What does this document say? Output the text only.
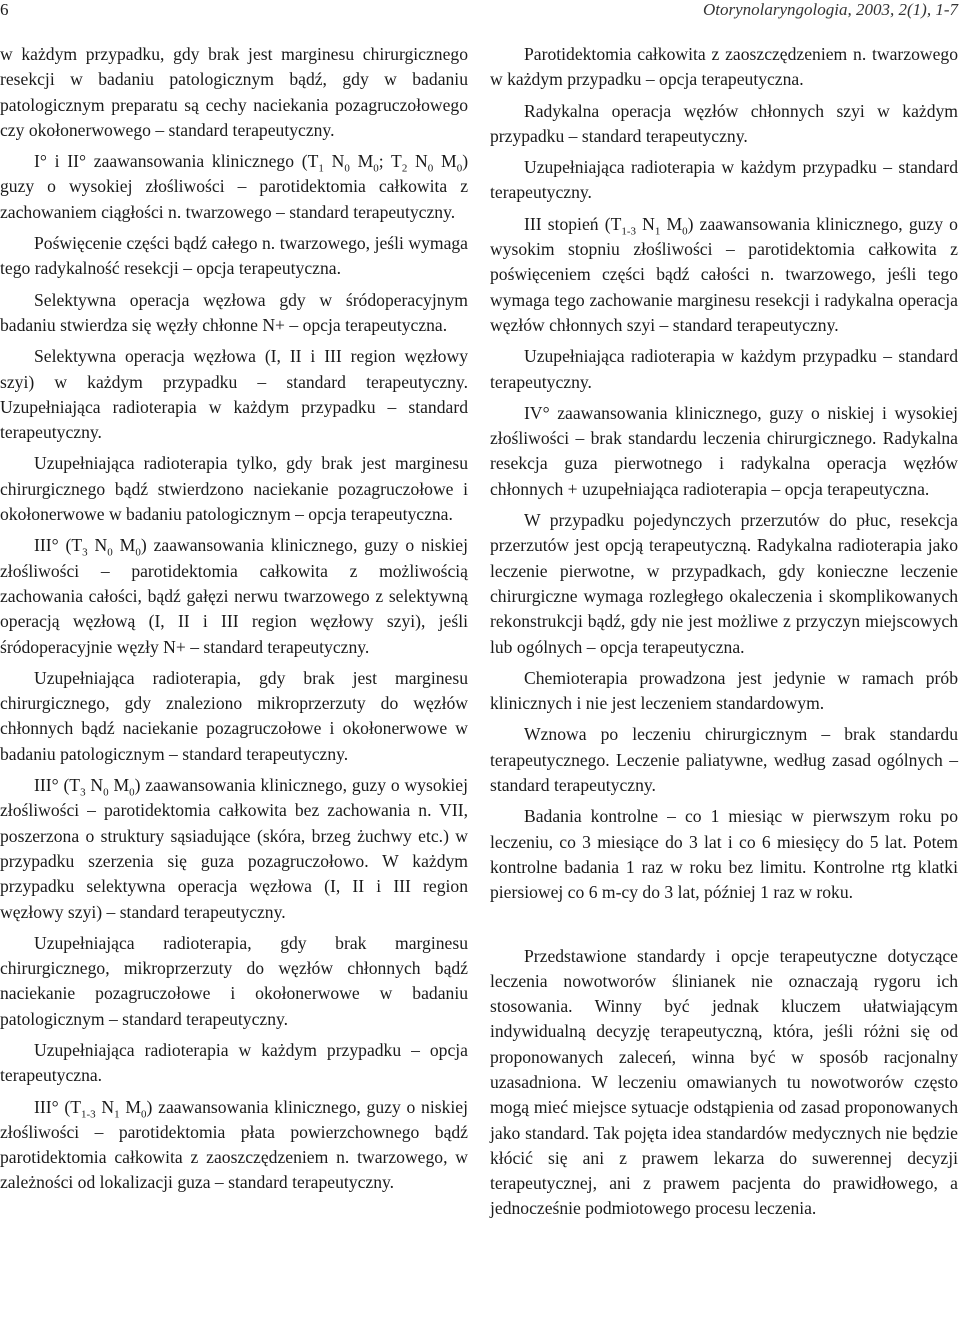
6	Otorynolaryngologia, 2003, 2(1), 1-7

w każdym przypadku, gdy brak jest marginesu chirurgicznego resekcji w badaniu patologicznym bądź, gdy w badaniu patologicznym preparatu są cechy naciekania pozagruczołowego czy okołonerwowego – standard terapeutyczny.

I° i II° zaawansowania klinicznego ($T_1$ $N_0$ $M_0$; $T_2$ $N_0$ $M_0$) guzy o wysokiej złośliwości – parotidektomia całkowita z zachowaniem ciągłości n. twarzowego – standard terapeutyczny.

Poświęcenie części bądź całego n. twarzowego, jeśli wymaga tego radykalność resekcji – opcja terapeutyczna.

Selektywna operacja węzłowa gdy w śródoperacyjnym badaniu stwierdza się węzły chłonne N+ – opcja terapeutyczna.

Selektywna operacja węzłowa (I, II i III region węzłowy szyi) w każdym przypadku – standard terapeutyczny. Uzupełniająca radioterapia w każdym przypadku – standard terapeutyczny.

Uzupełniająca radioterapia tylko, gdy brak jest marginesu chirurgicznego bądź stwierdzono naciekanie pozagruczołowe i okołonerwowe w badaniu patologicznym – opcja terapeutyczna.

III° ($T_3$ $N_0$ $M_0$) zaawansowania klinicznego, guzy o niskiej złośliwości – parotidektomia całkowita z możliwością zachowania całości, bądź gałęzi nerwu twarzowego z selektywną operacją węzłową (I, II i III region węzłowy szyi), jeśli śródoperacyjnie węzły N+ – standard terapeutyczny.

Uzupełniająca radioterapia, gdy brak jest marginesu chirurgicznego, gdy znaleziono mikroprzerzuty do węzłów chłonnych bądź naciekanie pozagruczołowe i okołonerwowe w badaniu patologicznym – standard terapeutyczny.

III° ($T_3$ $N_0$ $M_0$) zaawansowania klinicznego, guzy o wysokiej złośliwości – parotidektomia całkowita bez zachowania n. VII, poszerzona o struktury sąsiadujące (skóra, brzeg żuchwy etc.) w przypadku szerzenia się guza pozagruczołowo. W każdym przypadku selektywna operacja węzłowa (I, II i III region węzłowy szyi) – standard terapeutyczny.

Uzupełniająca radioterapia, gdy brak marginesu chirurgicznego, mikroprzerzuty do węzłów chłonnych bądź naciekanie pozagruczołowe i okołonerwowe w badaniu patologicznym – standard terapeutyczny.

Uzupełniająca radioterapia w każdym przypadku – opcja terapeutyczna.

III° ($T_{1-3}$ $N_1$ $M_0$) zaawansowania klinicznego, guzy o niskiej złośliwości – parotidektomia płata powierzchownego bądź parotidektomia całkowita z zaoszczędzeniem n. twarzowego, w zależności od lokalizacji guza – standard terapeutyczny.

Parotidektomia całkowita z zaoszczędzeniem n. twarzowego w każdym przypadku – opcja terapeutyczna.

Radykalna operacja węzłów chłonnych szyi w każdym przypadku – standard terapeutyczny.

Uzupełniająca radioterapia w każdym przypadku – standard terapeutyczny.

III stopień ($T_{1-3}$ $N_1$ $M_0$) zaawansowania klinicznego, guzy o wysokim stopniu złośliwości – parotidektomia całkowita z poświęceniem części bądź całości n. twarzowego, jeśli tego wymaga tego zachowanie marginesu resekcji i radykalna operacja węzłów chłonnych szyi – standard terapeutyczny.

Uzupełniająca radioterapia w każdym przypadku – standard terapeutyczny.

IV° zaawansowania klinicznego, guzy o niskiej i wysokiej złośliwości – brak standardu leczenia chirurgicznego. Radykalna resekcja guza pierwotnego i radykalna operacja węzłów chłonnych + uzupełniająca radioterapia – opcja terapeutyczna.

W przypadku pojedynczych przerzutów do płuc, resekcja przerzutów jest opcją terapeutyczną. Radykalna radioterapia jako leczenie pierwotne, w przypadkach, gdy konieczne leczenie chirurgiczne wymaga rozległego okaleczenia i skomplikowanych rekonstrukcji bądź, gdy nie jest możliwe z przyczyn miejscowych lub ogólnych – opcja terapeutyczna.

Chemioterapia prowadzona jest jedynie w ramach prób klinicznych i nie jest leczeniem standardowym.

Wznowa po leczeniu chirurgicznym – brak standardu terapeutycznego. Leczenie paliatywne, według zasad ogólnych – standard terapeutyczny.

Badania kontrolne – co 1 miesiąc w pierwszym roku po leczeniu, co 3 miesiące do 3 lat i co 6 miesięcy do 5 lat. Potem kontrolne badania 1 raz w roku bez limitu. Kontrolne rtg klatki piersiowej co 6 m-cy do 3 lat, później 1 raz w roku.

Przedstawione standardy i opcje terapeutyczne dotyczące leczenia nowotworów ślinianek nie oznaczają rygoru ich stosowania. Winny być jednak kluczem ułatwiającym indywidualną decyzję terapeutyczną, która, jeśli różni się od proponowanych zaleceń, winna być w sposób racjonalny uzasadniona. W leczeniu omawianych tu nowotworów często mogą mieć miejsce sytuacje odstąpienia od zasad proponowanych jako standard. Tak pojęta idea standardów medycznych nie będzie kłócić się ani z prawem lekarza do suwerennej decyzji terapeutycznej, ani z prawem pacjenta do prawidłowego, a jednocześnie podmiotowego procesu leczenia.
